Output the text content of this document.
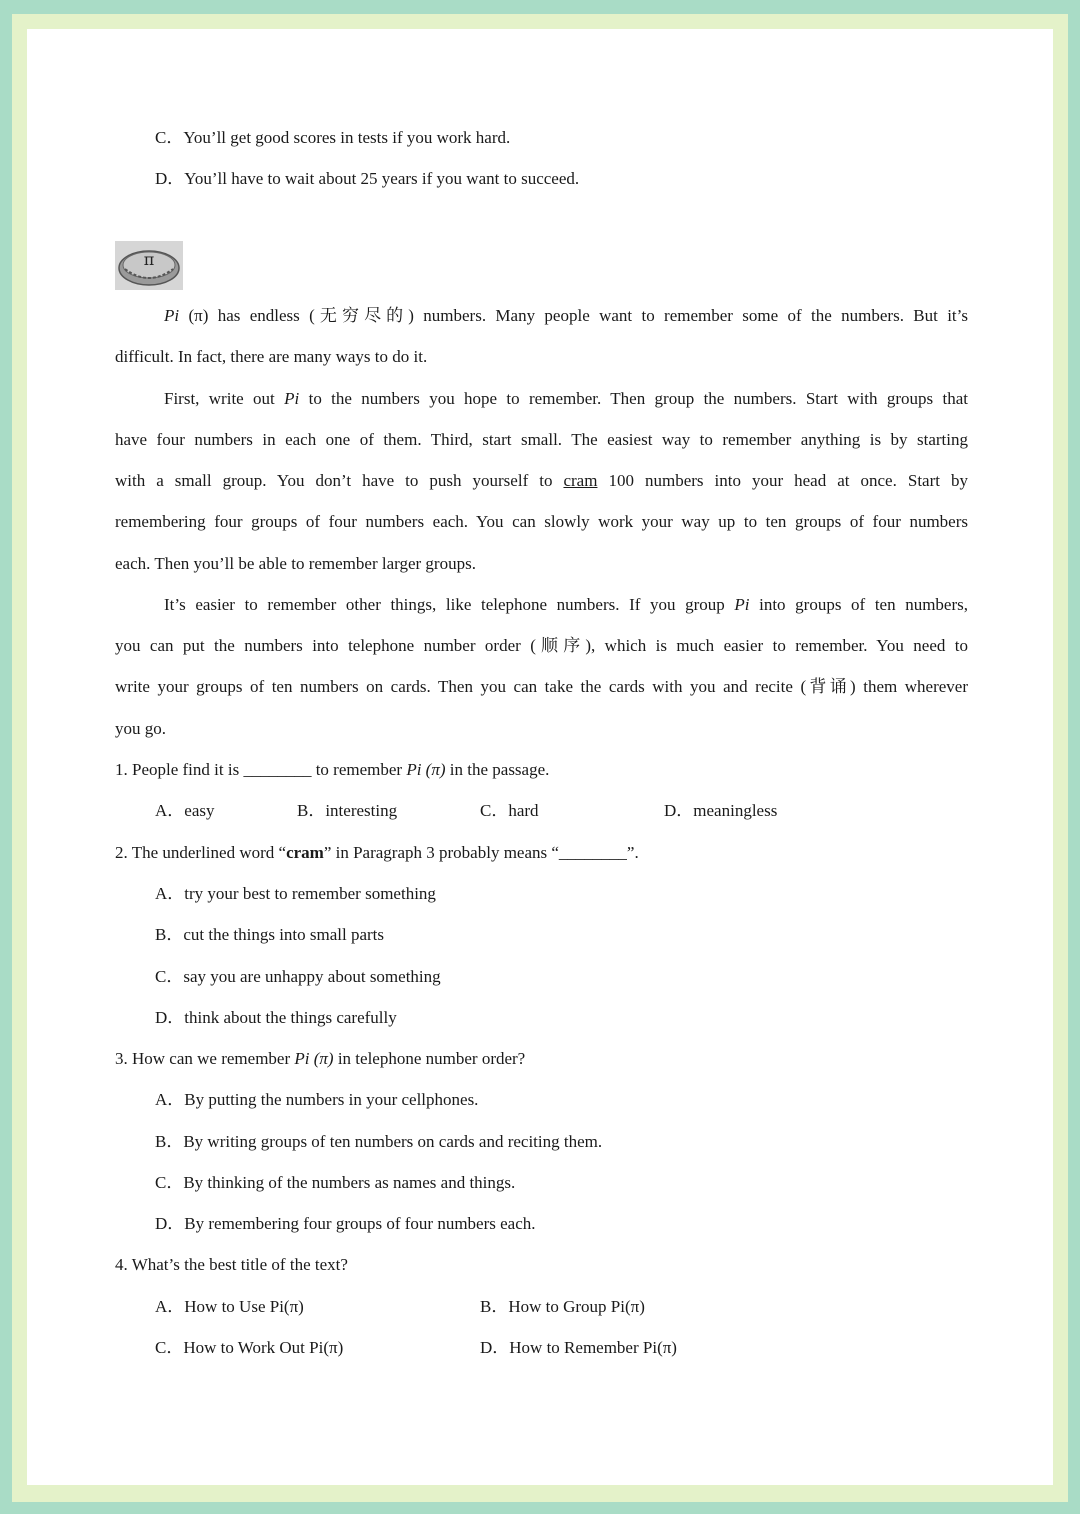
C．You’ll get good scores in tests if you work hard.
D．You’ll have to wait about 25 years if you want to succeed.
π
Pi (π) has endless (无穷尽的) numbers. Many people want to remember some of the numbers. But it’s
difficult. In fact, there are many ways to do it.
First, write out Pi to the numbers you hope to remember. Then group the numbers. Start with groups that
have four numbers in each one of them. Third, start small. The easiest way to remember anything is by starting
with a small group. You don’t have to push yourself to cram 100 numbers into your head at once. Start by
remembering four groups of four numbers each. You can slowly work your way up to ten groups of four numbers
each. Then you’ll be able to remember larger groups.
It’s easier to remember other things, like telephone numbers. If you group Pi into groups of ten numbers,
you can put the numbers into telephone number order (顺序), which is much easier to remember. You need to
write your groups of ten numbers on cards. Then you can take the cards with you and recite (背诵) them wherever
you go.
1. People find it is ________ to remember Pi (π) in the passage.
A．easy	B．interesting	C．hard	D．meaningless
2. The underlined word “cram” in Paragraph 3 probably means “________”.
A．try your best to remember something
B．cut the things into small parts
C．say you are unhappy about something
D．think about the things carefully
3. How can we remember Pi (π) in telephone number order?
A．By putting the numbers in your cellphones.
B．By writing groups of ten numbers on cards and reciting them.
C．By thinking of the numbers as names and things.
D．By remembering four groups of four numbers each.
4. What’s the best title of the text?
A．How to Use Pi(π)	B．How to Group Pi(π)
C．How to Work Out Pi(π)	D．How to Remember Pi(π)
